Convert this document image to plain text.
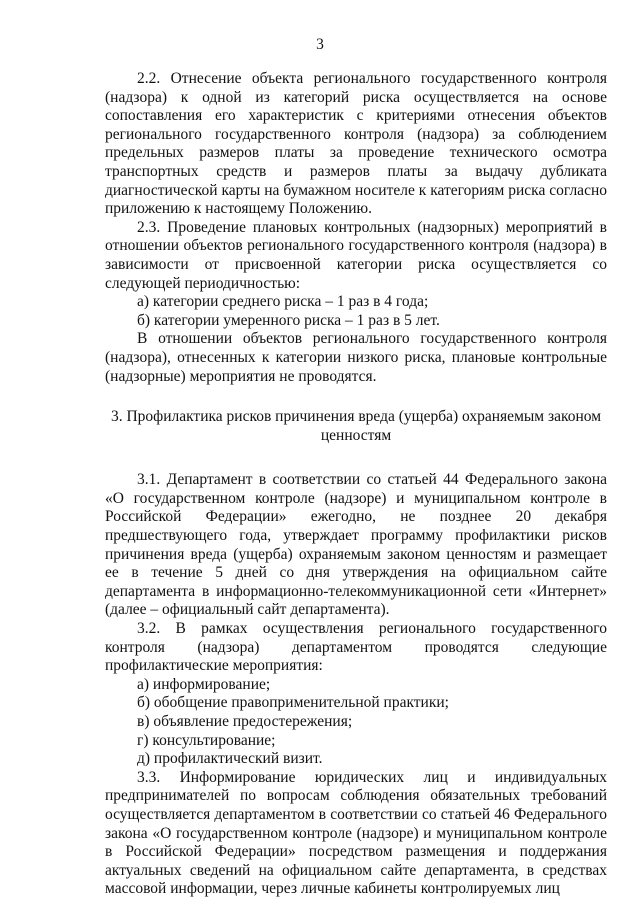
3

2.2. Отнесение объекта регионального государственного контроля (надзора) к одной из категорий риска осуществляется на основе сопоставления его характеристик с критериями отнесения объектов регионального государственного контроля (надзора) за соблюдением предельных размеров платы за проведение технического осмотра транспортных средств и размеров платы за выдачу дубликата диагностической карты на бумажном носителе к категориям риска согласно приложению к настоящему Положению.

2.3. Проведение плановых контрольных (надзорных) мероприятий в отношении объектов регионального государственного контроля (надзора) в зависимости от присвоенной категории риска осуществляется со следующей периодичностью:

а) категории среднего риска – 1 раз в 4 года;

б) категории умеренного риска – 1 раз в 5 лет.

В отношении объектов регионального государственного контроля (надзора), отнесенных к категории низкого риска, плановые контрольные (надзорные) мероприятия не проводятся.

3. Профилактика рисков причинения вреда (ущерба) охраняемым законом ценностям

3.1. Департамент в соответствии со статьей 44 Федерального закона «О государственном контроле (надзоре) и муниципальном контроле в Российской Федерации» ежегодно, не позднее 20 декабря предшествующего года, утверждает программу профилактики рисков причинения вреда (ущерба) охраняемым законом ценностям и размещает ее в течение 5 дней со дня утверждения на официальном сайте департамента в информационно-телекоммуникационной сети «Интернет» (далее – официальный сайт департамента).

3.2. В рамках осуществления регионального государственного контроля (надзора) департаментом проводятся следующие профилактические мероприятия:

а) информирование;

б) обобщение правоприменительной практики;

в) объявление предостережения;

г) консультирование;

д) профилактический визит.

3.3. Информирование юридических лиц и индивидуальных предпринимателей по вопросам соблюдения обязательных требований осуществляется департаментом в соответствии со статьей 46 Федерального закона «О государственном контроле (надзоре) и муниципальном контроле в Российской Федерации» посредством размещения и поддержания актуальных сведений на официальном сайте департамента, в средствах массовой информации, через личные кабинеты контролируемых лиц
